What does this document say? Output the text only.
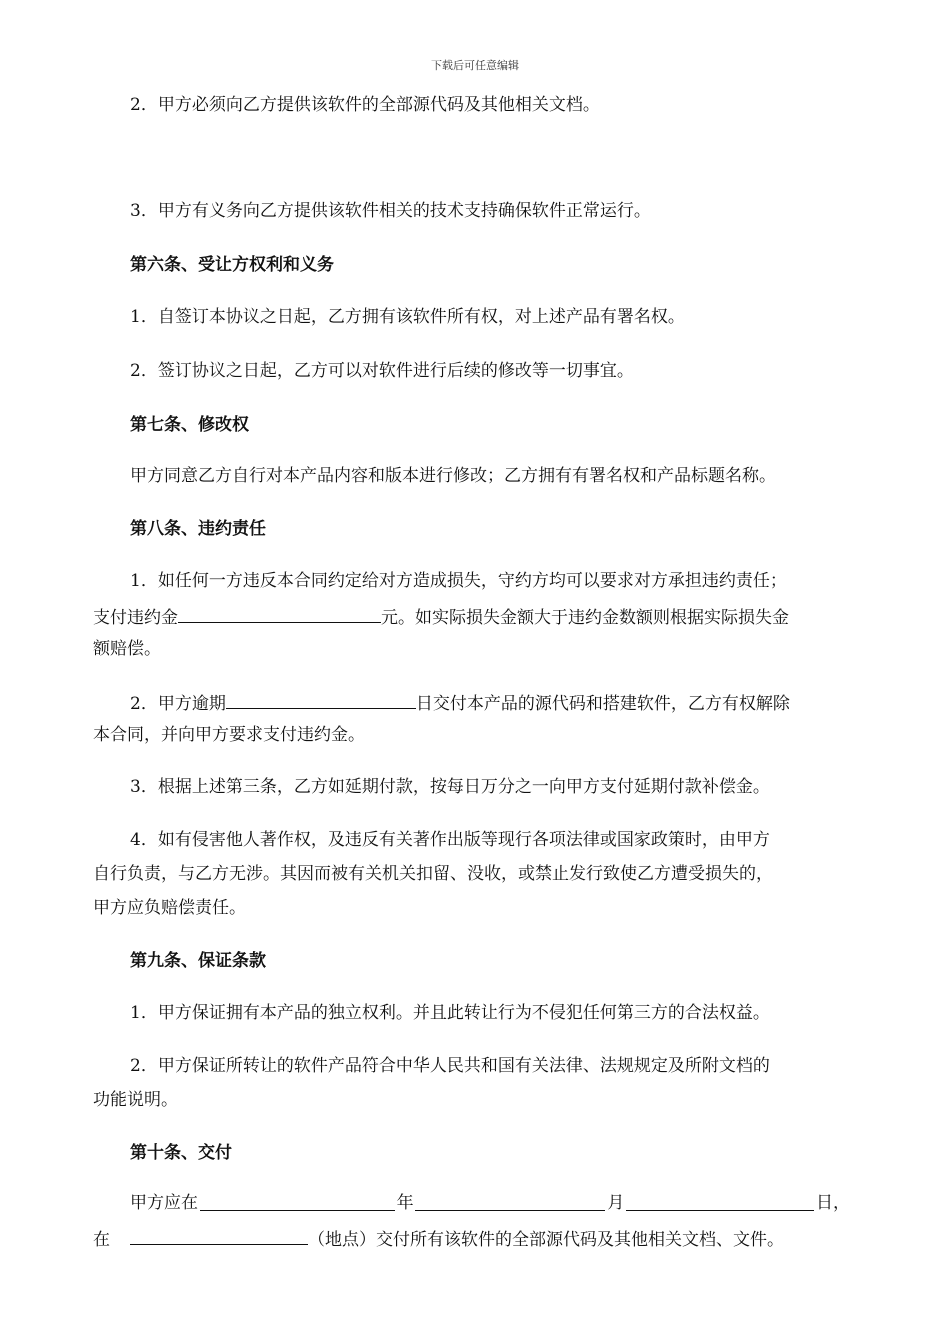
下载后可任意编辑
2．甲方必须向乙方提供该软件的全部源代码及其他相关文档。
3．甲方有义务向乙方提供该软件相关的技术支持确保软件正常运行。
第六条、受让方权利和义务
1．自签订本协议之日起，乙方拥有该软件所有权，对上述产品有署名权。
2．签订协议之日起，乙方可以对软件进行后续的修改等一切事宜。
第七条、修改权
甲方同意乙方自行对本产品内容和版本进行修改；乙方拥有有署名权和产品标题名称。
第八条、违约责任
1．如任何一方违反本合同约定给对方造成损失，守约方均可以要求对方承担违约责任；
支付违约金	元。如实际损失金额大于违约金数额则根据实际损失金
额赔偿。
2．甲方逾期	日交付本产品的源代码和搭建软件，乙方有权解除
本合同，并向甲方要求支付违约金。
3．根据上述第三条，乙方如延期付款，按每日万分之一向甲方支付延期付款补偿金。
4．如有侵害他人著作权，及违反有关著作出版等现行各项法律或国家政策时，由甲方
自行负责，与乙方无涉。其因而被有关机关扣留、没收，或禁止发行致使乙方遭受损失的，
甲方应负赔偿责任。
第九条、保证条款
1．甲方保证拥有本产品的独立权利。并且此转让行为不侵犯任何第三方的合法权益。
2．甲方保证所转让的软件产品符合中华人民共和国有关法律、法规规定及所附文档的
功能说明。
第十条、交付
甲方应在	年	月	日，
在	（地点）交付所有该软件的全部源代码及其他相关文档、文件。
